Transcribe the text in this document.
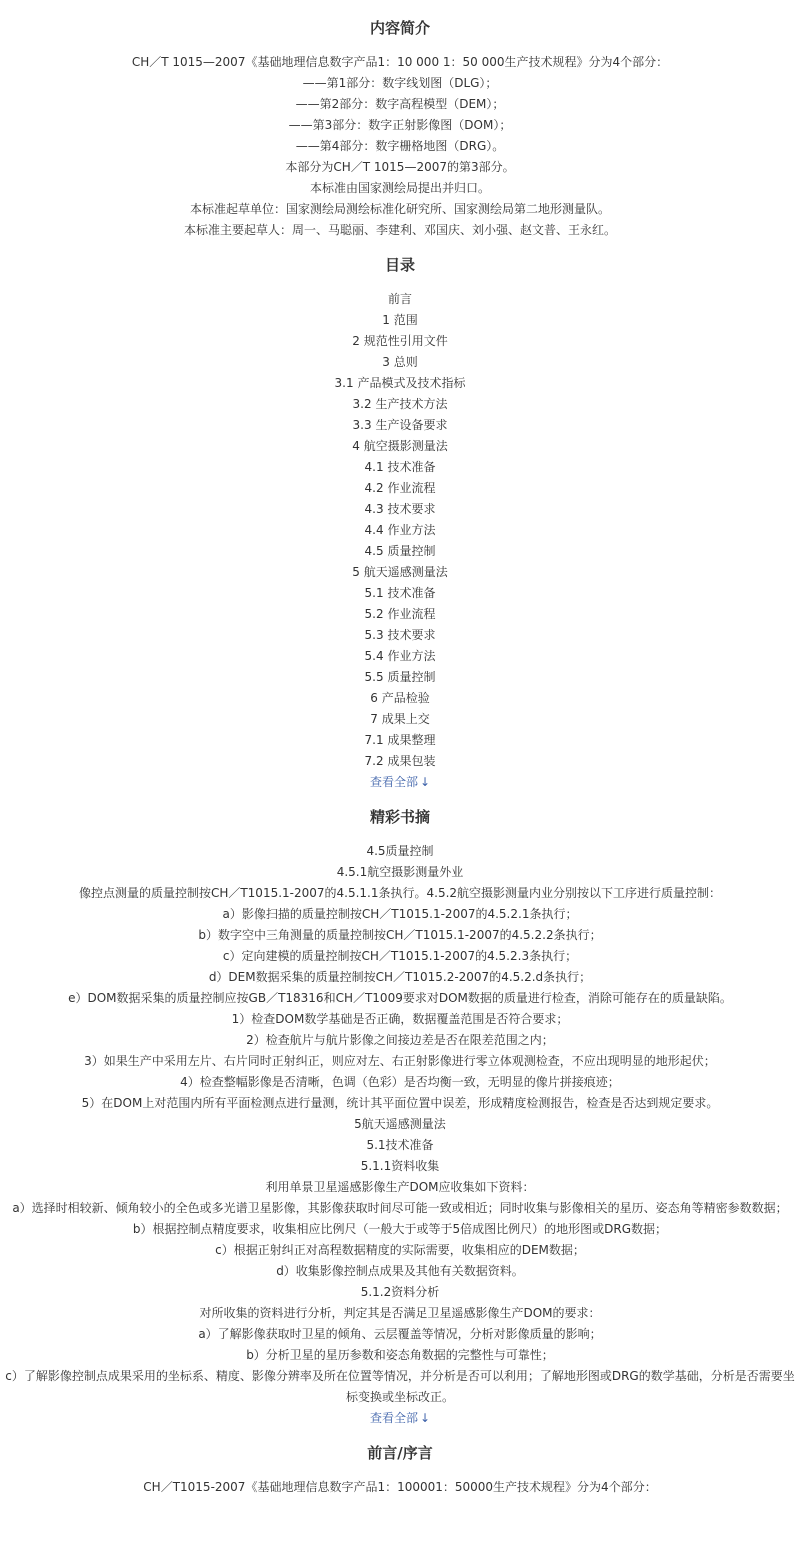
内容简介

CH／T 1015—2007《基础地理信息数字产品1：10 000 1：50 000生产技术规程》分为4个部分：

——第1部分：数字线划图（DLG）；

——第2部分：数字高程模型（DEM）；

——第3部分：数字正射影像图（DOM）；

——第4部分：数字栅格地图（DRG）。

本部分为CH／T 1015—2007的第3部分。

本标准由国家测绘局提出并归口。

本标准起草单位：国家测绘局测绘标准化研究所、国家测绘局第二地形测量队。

本标准主要起草人：周一、马聪丽、李建利、邓国庆、刘小强、赵文普、王永红。

目录

前言

1 范围

2 规范性引用文件

3 总则

3.1 产品模式及技术指标

3.2 生产技术方法

3.3 生产设备要求

4 航空摄影测量法

4.1 技术准备

4.2 作业流程

4.3 技术要求

4.4 作业方法

4.5 质量控制

5 航天遥感测量法

5.1 技术准备

5.2 作业流程

5.3 技术要求

5.4 作业方法

5.5 质量控制

6 产品检验

7 成果上交

7.1 成果整理

7.2 成果包装

查看全部 ↓
精彩书摘

4.5质量控制

4.5.1航空摄影测量外业

像控点测量的质量控制按CH／T1015.1-2007的4.5.1.1条执行。4.5.2航空摄影测量内业分别按以下工序进行质量控制：

a）影像扫描的质量控制按CH／T1015.1-2007的4.5.2.1条执行；

b）数字空中三角测量的质量控制按CH／T1015.1-2007的4.5.2.2条执行；

c）定向建模的质量控制按CH／T1015.1-2007的4.5.2.3条执行；

d）DEM数据采集的质量控制按CH／T1015.2-2007的4.5.2.d条执行；

e）DOM数据采集的质量控制应按GB／T18316和CH／T1009要求对DOM数据的质量进行检查，消除可能存在的质量缺陷。

1）检查DOM数学基础是否正确，数据覆盖范围是否符合要求；

2）检查航片与航片影像之间接边差是否在限差范围之内；

3）如果生产中采用左片、右片同时正射纠正，则应对左、右正射影像进行零立体观测检查，不应出现明显的地形起伏；

4）检查整幅影像是否清晰，色调（色彩）是否均衡一致，无明显的像片拼接痕迹；

5）在DOM上对范围内所有平面检测点进行量测，统计其平面位置中误差，形成精度检测报告，检查是否达到规定要求。

5航天遥感测量法

5.1技术准备

5.1.1资料收集

利用单景卫星遥感影像生产DOM应收集如下资料：

a）选择时相较新、倾角较小的全色或多光谱卫星影像，其影像获取时间尽可能一致或相近；同时收集与影像相关的星历、姿态角等精密参数数据；

b）根据控制点精度要求，收集相应比例尺（一般大于或等于5倍成图比例尺）的地形图或DRG数据；

c）根据正射纠正对高程数据精度的实际需要，收集相应的DEM数据；

d）收集影像控制点成果及其他有关数据资料。

5.1.2资料分析

对所收集的资料进行分析，判定其是否满足卫星遥感影像生产DOM的要求：

a）了解影像获取时卫星的倾角、云层覆盖等情况，分析对影像质量的影响；

b）分析卫星的星历参数和姿态角数据的完整性与可靠性；

c）了解影像控制点成果采用的坐标系、精度、影像分辨率及所在位置等情况，并分析是否可以利用；了解地形图或DRG的数学基础，分析是否需要坐标变换或坐标改正。

查看全部 ↓
前言/序言

CH／T1015-2007《基础地理信息数字产品1：100001：50000生产技术规程》分为4个部分：
